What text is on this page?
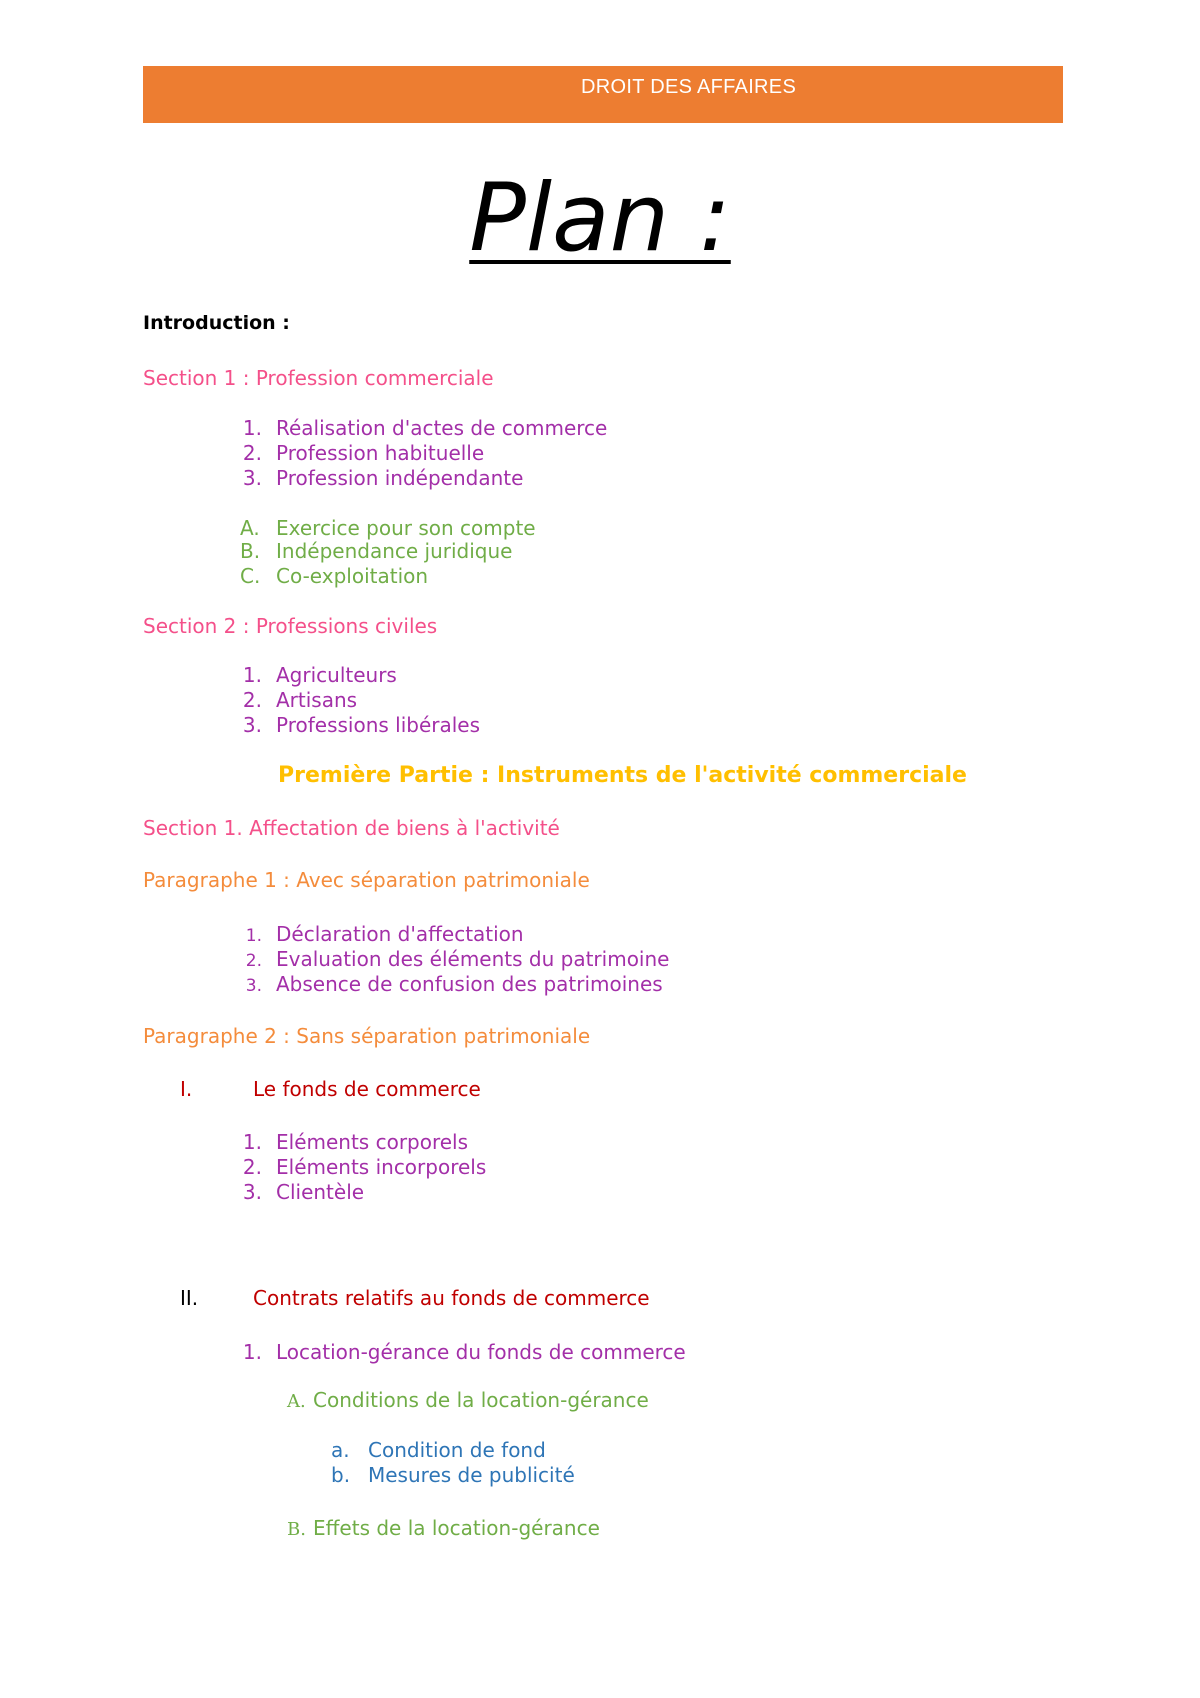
DROIT DES AFFAIRES
Plan :
Introduction :
Section 1 : Profession commerciale
1. Réalisation d'actes de commerce
2. Profession habituelle
3. Profession indépendante
A. Exercice pour son compte
B. Indépendance juridique
C. Co-exploitation
Section 2 : Professions civiles
1. Agriculteurs
2. Artisans
3. Professions libérales
Première Partie : Instruments de l'activité commerciale
Section 1. Affectation de biens à l'activité
Paragraphe 1 : Avec séparation patrimoniale
1. Déclaration d'affectation
2. Evaluation des éléments du patrimoine
3. Absence de confusion des patrimoines
Paragraphe 2 : Sans séparation patrimoniale
I.	Le fonds de commerce
1. Eléments corporels
2. Eléments incorporels
3. Clientèle
II.	Contrats relatifs au fonds de commerce
1. Location-gérance du fonds de commerce
A. Conditions de la location-gérance
a. Condition de fond
b. Mesures de publicité
B. Effets de la location-gérance
